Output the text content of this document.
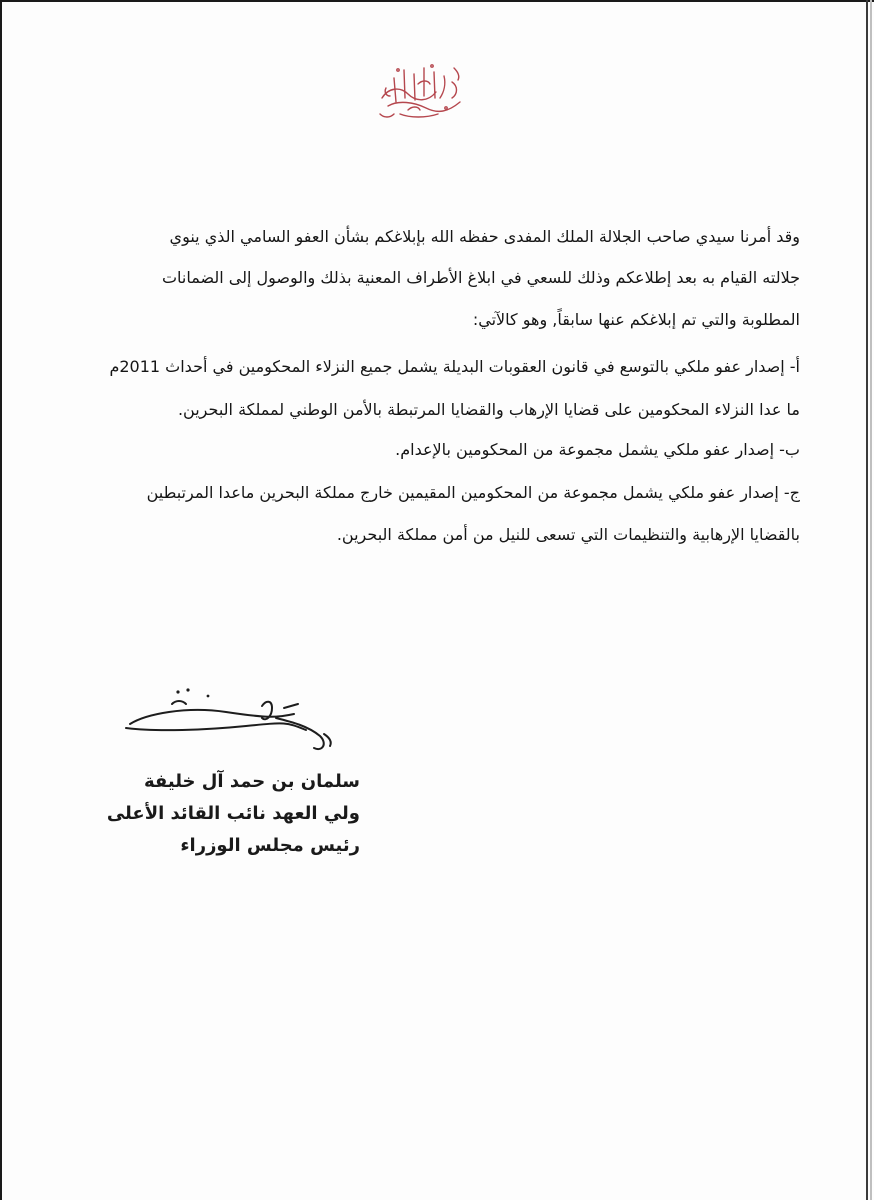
وقد أمرنا سيدي صاحب الجلالة الملك المفدى حفظه الله بإبلاغكم بشأن العفو السامي الذي ينوي
جلالته القيام به بعد إطلاعكم وذلك للسعي في ابلاغ الأطراف المعنية بذلك والوصول إلى الضمانات
المطلوبة والتي تم إبلاغكم عنها سابقاً, وهو كالآتي:
أ- إصدار عفو ملكي بالتوسع في قانون العقوبات البديلة يشمل جميع النزلاء المحكومين في أحداث 2011م
ما عدا النزلاء المحكومين على قضايا الإرهاب والقضايا المرتبطة بالأمن الوطني لمملكة البحرين.
ب- إصدار عفو ملكي يشمل مجموعة من المحكومين بالإعدام.
ج- إصدار عفو ملكي يشمل مجموعة من المحكومين المقيمين خارج مملكة البحرين ماعدا المرتبطين
بالقضايا الإرهابية والتنظيمات التي تسعى للنيل من أمن مملكة البحرين.
سلمان بن حمد آل خليفة
ولي العهد نائب القائد الأعلى
رئيس مجلس الوزراء
